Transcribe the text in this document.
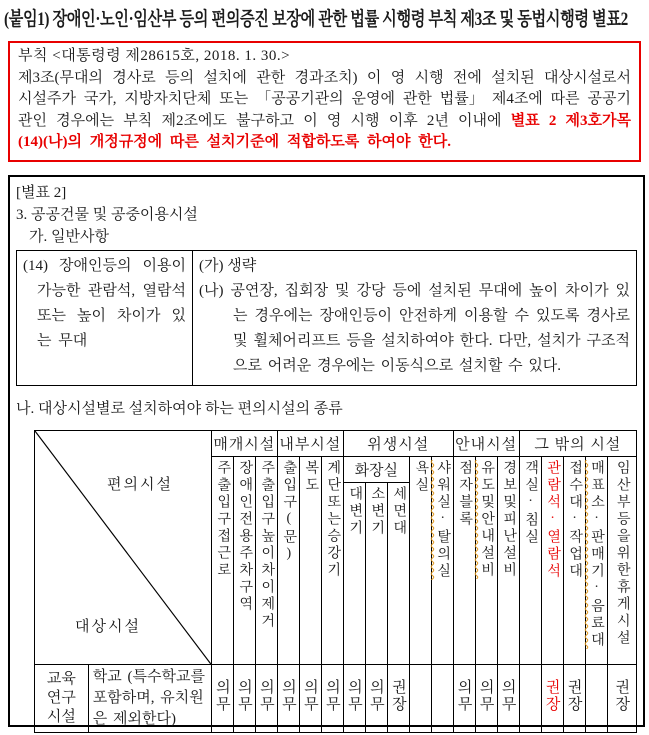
(붙임1) 장애인·노인·임산부 등의 편의증진 보장에 관한 법률 시행령 부칙 제3조 및 동법시행령 별표2
부칙 <대통령령 제28615호, 2018. 1. 30.>
제3조(무대의 경사로 등의 설치에 관한 경과조치) 이 영 시행 전에 설치된 대상시설로서 시설주가 국가, 지방자치단체 또는 「공공기관의 운영에 관한 법률」 제4조에 따른 공공기관인 경우에는 부칙 제2조에도 불구하고 이 영 시행 이후 2년 이내에 별표 2 제3호가목 (14)(나)의 개정규정에 따른 설치기준에 적합하도록 하여야 한다.
[별표 2]
3. 공공건물 및 공중이용시설
가. 일반사항
(14) 장애인등의 이용이 가능한 관람석, 열람석 또는 높이 차이가 있는 무대

(가) 생략
(나) 공연장, 집회장 및 강당 등에 설치된 무대에 높이 차이가 있는 경우에는 장애인등이 안전하게 이용할 수 있도록 경사로 및 휠체어리프트 등을 설치하여야 한다. 다만, 설치가 구조적으로 어려운 경우에는 이동식으로 설치할 수 있다.
나. 대상시설별로 설치하여야 하는 편의시설의 종류
편의시설
대상시설		매개시설			내부시설			위생시설					안내시설			그 밖의 시설				
		주출입구접근로	장애인전용주차구역	주출입구높이차이제거	출입구(문)	복도	계단또는승강기	화장실			욕실	샤워실·탈의실	점자블록	유도및안내설비	경보및피난설비	객실·침실	관람석·열람석	접수대·작업대	매표소·판매기·음료대	임산부등을위한휴게시설
								대변기	소변기	세면대										
교육연구시설	학교 (특수학교를 포함하며, 유치원은 제외한다)	의무	의무	의무	의무	의무	의무	의무	의무	권장			의무	의무	의무		권장	권장		권장
